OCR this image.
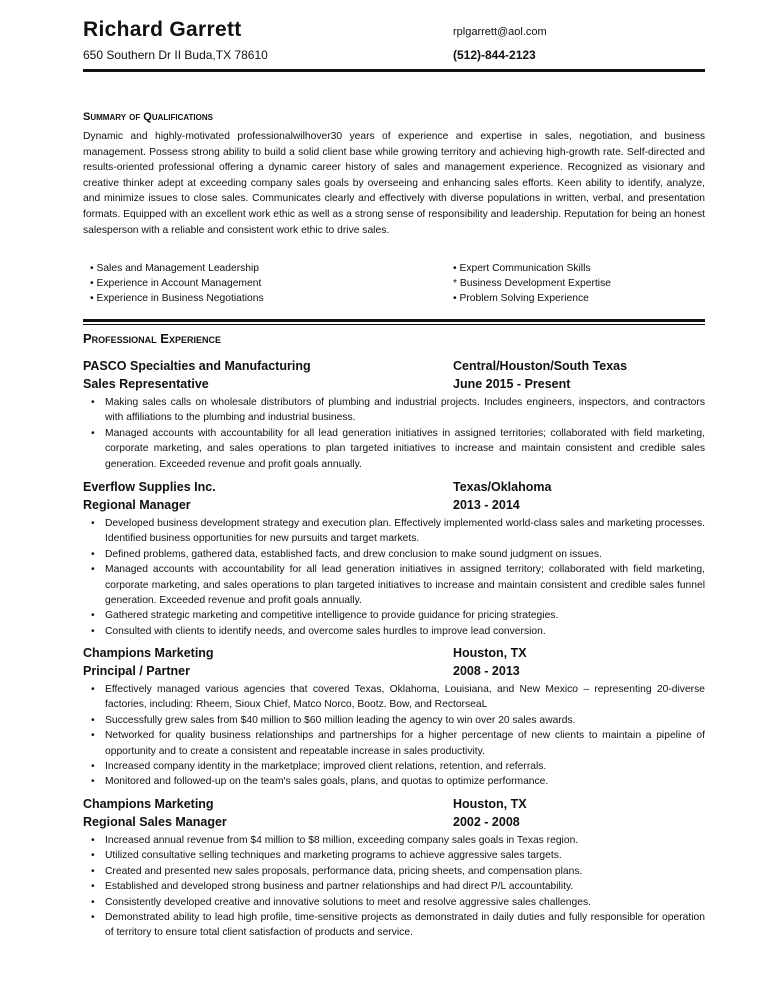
Richard Garrett	rplgarrett@aol.com
650 Southern Dr II Buda,TX 78610	(512)-844-2123
Summary of Qualifications
Dynamic and highly-motivated professionalwilhover30 years of experience and expertise in sales, negotiation, and business management. Possess strong ability to build a solid client base while growing territory and achieving high-growth rate. Self-directed and results-oriented professional offering a dynamic career history of sales and management experience. Recognized as visionary and creative thinker adept at exceeding company sales goals by overseeing and enhancing sales efforts. Keen ability to identify, analyze, and minimize issues to close sales. Communicates clearly and effectively with diverse populations in written, verbal, and presentation formats. Equipped with an excellent work ethic as well as a strong sense of responsibility and leadership. Reputation for being an honest salesperson with a reliable and consistent work ethic to drive sales.
• Sales and Management Leadership
• Experience in Account Management
• Experience in Business Negotiations
• Expert Communication Skills
* Business Development Expertise
• Problem Solving Experience
Professional Experience
PASCO Specialties and Manufacturing	Central/Houston/South Texas
Sales Representative	June 2015 - Present
• Making sales calls on wholesale distributors of plumbing and industrial projects. Includes engineers, inspectors, and contractors with affiliations to the plumbing and industrial business.
• Managed accounts with accountability for all lead generation initiatives in assigned territories; collaborated with field marketing, corporate marketing, and sales operations to plan targeted initiatives to increase and maintain consistent and credible sales generation. Exceeded revenue and profit goals annually.
Everflow Supplies Inc.	Texas/Oklahoma
Regional Manager	2013 - 2014
• Developed business development strategy and execution plan. Effectively implemented world-class sales and marketing processes. Identified business opportunities for new pursuits and target markets.
• Defined problems, gathered data, established facts, and drew conclusion to make sound judgment on issues.
• Managed accounts with accountability for all lead generation initiatives in assigned territory; collaborated with field marketing, corporate marketing, and sales operations to plan targeted initiatives to increase and maintain consistent and credible sales funnel generation. Exceeded revenue and profit goals annually.
• Gathered strategic marketing and competitive intelligence to provide guidance for pricing strategies.
• Consulted with clients to identify needs, and overcome sales hurdles to improve lead conversion.
Champions Marketing	Houston, TX
Principal / Partner	2008 - 2013
• Effectively managed various agencies that covered Texas, Oklahoma, Louisiana, and New Mexico – representing 20-diverse factories, including: Rheem, Sioux Chief, Matco Norco, Bootz. Bow, and RectorseaL
• Successfully grew sales from $40 million to $60 million leading the agency to win over 20 sales awards.
• Networked for quality business relationships and partnerships for a higher percentage of new clients to maintain a pipeline of opportunity and to create a consistent and repeatable increase in sales productivity.
• Increased company identity in the marketplace; improved client relations, retention, and referrals.
• Monitored and followed-up on the team's sales goals, plans, and quotas to optimize performance.
Champions Marketing	Houston, TX
Regional Sales Manager	2002 - 2008
• Increased annual revenue from $4 million to $8 million, exceeding company sales goals in Texas region.
• Utilized consultative selling techniques and marketing programs to achieve aggressive sales targets.
• Created and presented new sales proposals, performance data, pricing sheets, and compensation plans.
• Established and developed strong business and partner relationships and had direct P/L accountability.
• Consistently developed creative and innovative solutions to meet and resolve aggressive sales challenges.
• Demonstrated ability to lead high profile, time-sensitive projects as demonstrated in daily duties and fully responsible for operation of territory to ensure total client satisfaction of products and service.
